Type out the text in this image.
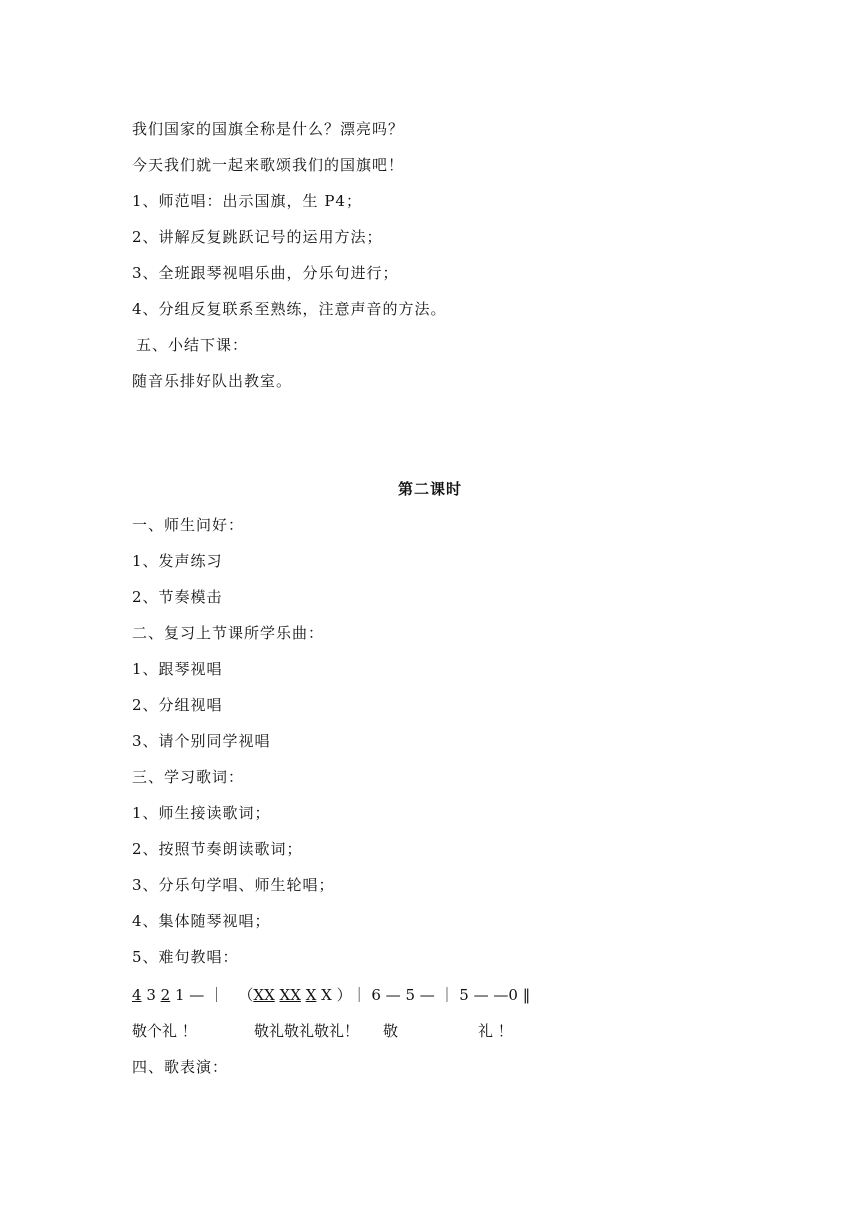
我们国家的国旗全称是什么？漂亮吗？
今天我们就一起来歌颂我们的国旗吧！
1、师范唱：出示国旗，生 P4；
2、讲解反复跳跃记号的运用方法；
3、全班跟琴视唱乐曲，分乐句进行；
4、分组反复联系至熟练，注意声音的方法。
五、小结下课：
随音乐排好队出教室。
第二课时
一、师生问好：
1、发声练习
2、节奏模击
二、复习上节课所学乐曲：
1、跟琴视唱
2、分组视唱
3、请个别同学视唱
三、学习歌词：
1、师生接读歌词；
2、按照节奏朗读歌词；
3、分乐句学唱、师生轮唱；
4、集体随琴视唱；
5、难句教唱：
4 3 2 1 — ｜ （XX XX X X ）｜ 6 — 5 — ｜ 5 — —0 ‖
敬个礼 ！	敬礼敬礼敬礼！ 敬	礼 ！
四、歌表演：
